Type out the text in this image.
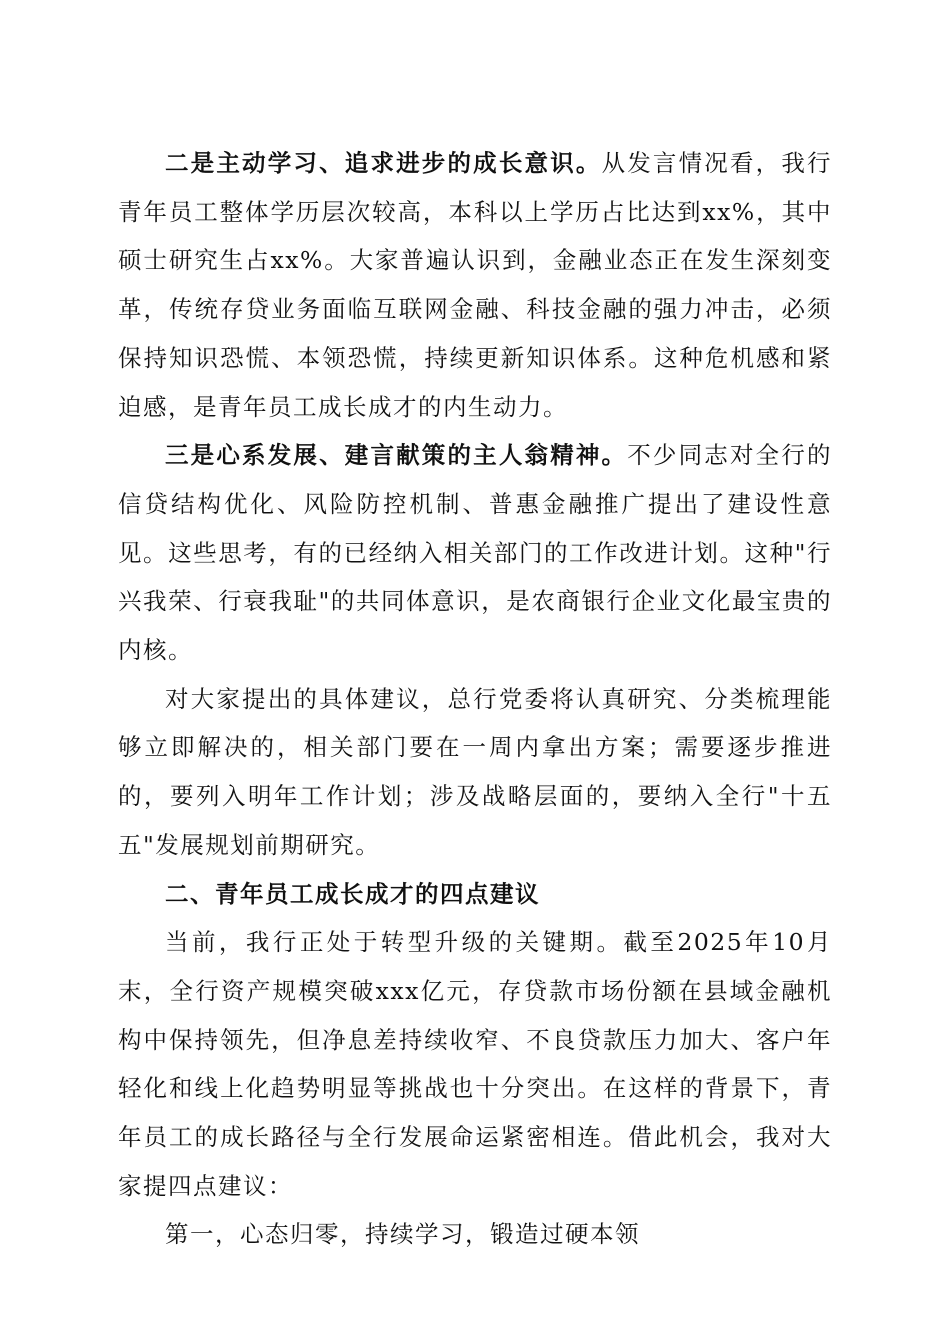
二是主动学习、追求进步的成长意识。从发言情况看，我行青年员工整体学历层次较高，本科以上学历占比达到xx%，其中硕士研究生占xx%。大家普遍认识到，金融业态正在发生深刻变革，传统存贷业务面临互联网金融、科技金融的强力冲击，必须保持知识恐慌、本领恐慌，持续更新知识体系。这种危机感和紧迫感，是青年员工成长成才的内生动力。

三是心系发展、建言献策的主人翁精神。不少同志对全行的信贷结构优化、风险防控机制、普惠金融推广提出了建设性意见。这些思考，有的已经纳入相关部门的工作改进计划。这种"行兴我荣、行衰我耻"的共同体意识，是农商银行企业文化最宝贵的内核。

对大家提出的具体建议，总行党委将认真研究、分类梳理能够立即解决的，相关部门要在一周内拿出方案；需要逐步推进的，要列入明年工作计划；涉及战略层面的，要纳入全行"十五五"发展规划前期研究。

二、青年员工成长成才的四点建议

当前，我行正处于转型升级的关键期。截至2025年10月末，全行资产规模突破xxx亿元，存贷款市场份额在县域金融机构中保持领先，但净息差持续收窄、不良贷款压力加大、客户年轻化和线上化趋势明显等挑战也十分突出。在这样的背景下，青年员工的成长路径与全行发展命运紧密相连。借此机会，我对大家提四点建议：

第一，心态归零，持续学习，锻造过硬本领
